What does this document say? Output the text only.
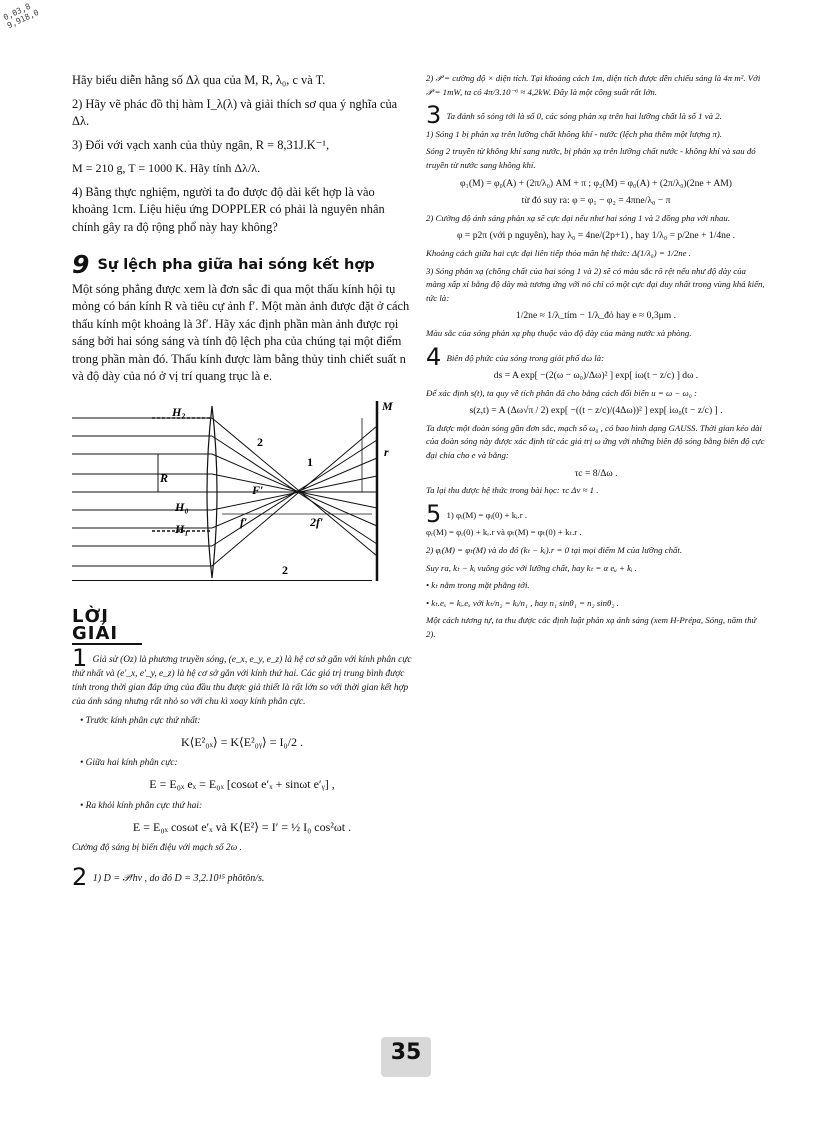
0,03,8 9,918,0

Hãy biểu diễn hằng số Δλ qua của M, R, λ₀, c và T.

2) Hãy vẽ phác đồ thị hàm I_λ(λ) và giải thích sơ qua ý nghĩa của Δλ.

3) Đối với vạch xanh của thủy ngân, R = 8,31J.K⁻¹,

M = 210 g, T = 1000 K. Hãy tính Δλ/λ.

4) Bằng thực nghiệm, người ta đo được độ dài kết hợp là vào khoảng 1cm. Liệu hiệu ứng DOPPLER có phải là nguyên nhân chính gây ra độ rộng phổ này hay không?

9 Sự lệch pha giữa hai sóng kết hợp

Một sóng phẳng được xem là đơn sắc đi qua một thấu kính hội tụ mỏng có bán kính R và tiêu cự ảnh f′. Một màn ảnh được đặt ở cách thấu kính một khoảng là 3f′. Hãy xác định phần màn ảnh được rọi sáng bởi hai sóng sáng và tính độ lệch pha của chúng tại một điểm trong phần màn đó. Thấu kính được làm bằng thủy tinh chiết suất n và độ dày của nó ở vị trí quang trục là e.

H₂
H₀
H₁
R
F′
f′	2f′
M
r
1
2
2
LỜI GIẢI

1 Giả sử (Oz) là phương truyền sóng, (e_x, e_y, e_z) là hệ cơ sở gắn với kính phân cực thứ nhất và (e′_x, e′_y, e_z) là hệ cơ sở gắn với kính thứ hai. Các giá trị trung bình được tính trong thời gian đáp ứng của đầu thu được giả thiết là rất lớn so với thời gian kết hợp của ánh sáng nhưng rất nhỏ so với chu kì xoay kính phân cực.

• Trước kính phân cực thứ nhất:

K⟨E²₀ₓ⟩ = K⟨E²₀ᵧ⟩ = I₀/2 .

• Giữa hai kính phân cực:

E = E₀ₓ eₓ = E₀ₓ [cosωt e′ₓ + sinωt e′ᵧ] ,

• Ra khỏi kính phân cực thứ hai:

E = E₀ₓ cosωt e′ₓ và K⟨E²⟩ = I′ = ½ I₀ cos²ωt .

Cường độ sáng bị biến điệu với mạch số 2ω .

2 1) D = 𝒫/hν , do đó D = 3,2.10¹⁵ phôtôn/s.

2) 𝒫 = cường độ × diện tích. Tại khoảng cách 1m, diện tích được dền chiếu sáng là 4π m². Với 𝒫 = 1mW, ta có 4π/3.10⁻⁶ ≈ 4,2kW. Đây là một công suất rất lớn.

3 Ta đánh số sóng tới là số 0, các sóng phản xạ trên hai lưỡng chất là số 1 và 2.

1) Sóng 1 bị phản xạ trên lưỡng chất không khí - nước (lệch pha thêm một lượng π).

Sóng 2 truyền từ không khí sang nước, bị phản xạ trên lưỡng chất nước - không khí và sau đó truyền từ nước sang không khí.

φ₁(M) = φ₀(A) + (2π/λ₀) AM + π ; φ₂(M) = φ₀(A) + (2π/λ₀)(2ne + AM)

từ đó suy ra: φ = φ₁ − φ₂ = 4πne/λ₀ − π

2) Cường độ ánh sáng phản xạ sẽ cực đại nếu như hai sóng 1 và 2 đồng pha với nhau.

φ = p2π (với p nguyên), hay λ₀ = 4ne/(2p+1) , hay 1/λ₀ = p/2ne + 1/4ne .

Khoảng cách giữa hai cực đại liên tiếp thỏa mãn hệ thức: Δ(1/λ₀) = 1/2ne .

3) Sóng phản xạ (chồng chất của hai sóng 1 và 2) sẽ có màu sắc rõ rệt nếu như độ dày của màng xấp xỉ bằng độ dày mà tương ứng với nó chỉ có một cực đại duy nhất trong vùng khả kiến, tức là:

1/2ne ≈ 1/λ_tím − 1/λ_đỏ hay e ≈ 0,3μm .

Màu sắc của sóng phản xạ phụ thuộc vào độ dày của màng nước xà phòng.

4 Biên độ phức của sóng trong giải phổ dω là:

ds = A exp[ −(2(ω − ω₀)/Δω)² ] exp[ iω(t − z/c) ] dω .

Để xác định s(t), ta quy về tích phân đã cho bằng cách đổi biến u = ω − ω₀ :

s(z,t) = A (Δω√π / 2) exp[ −((t − z/c)/(4Δω))² ] exp[ iω₀(t − z/c) ] .

Ta được một đoàn sóng gần đơn sắc, mạch số ω₀ , có bao hình dạng GAUSS. Thời gian kéo dài của đoàn sóng này được xác định từ các giá trị ω ứng với những biên độ sóng bằng biên độ cực đại chia cho e và bằng:

τc = 8/Δω .

Ta lại thu được hệ thức trong bài học: τc Δν ≈ 1 .

5 1) φᵢ(M) = φᵢ(0) + kᵢ.r .

φᵣ(M) = φᵣ(0) + kᵣ.r và φₜ(M) = φₜ(0) + kₜ.r .

2) φᵢ(M) = φₜ(M) và do đó (kₜ − kᵢ).r = 0 tại mọi điểm M của lưỡng chất.

Suy ra, kₜ − kᵢ vuông góc với lưỡng chất, hay kₜ = α eᵤ + kᵢ .

• kₜ nằm trong mặt phẳng tới.

• kₜ.eₓ = kᵢ.eₓ với kₜ/n₂ = kᵢ/n₁ , hay n₁ sinθ₁ = n₂ sinθ₂ .

Một cách tương tự, ta thu được các định luật phản xạ ánh sáng (xem H-Prépa, Sóng, năm thứ 2).

35
